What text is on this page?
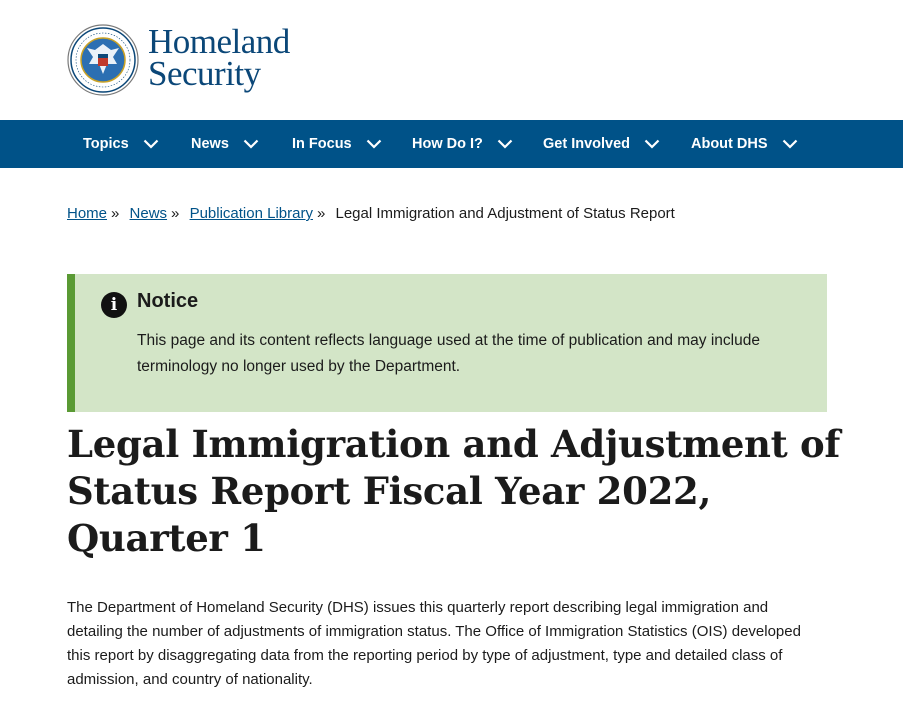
Homeland
Security
Topics	News	In Focus	How Do I?	Get Involved	About DHS
Home » News » Publication Library » Legal Immigration and Adjustment of Status Report
i Notice
This page and its content reflects language used at the time of publication and may include terminology no longer used by the Department.
Legal Immigration and Adjustment of Status Report Fiscal Year 2022, Quarter 1

The Department of Homeland Security (DHS) issues this quarterly report describing legal immigration and detailing the number of adjustments of immigration status. The Office of Immigration Statistics (OIS) developed this report by disaggregating data from the reporting period by type of adjustment, type and detailed class of admission, and country of nationality.
